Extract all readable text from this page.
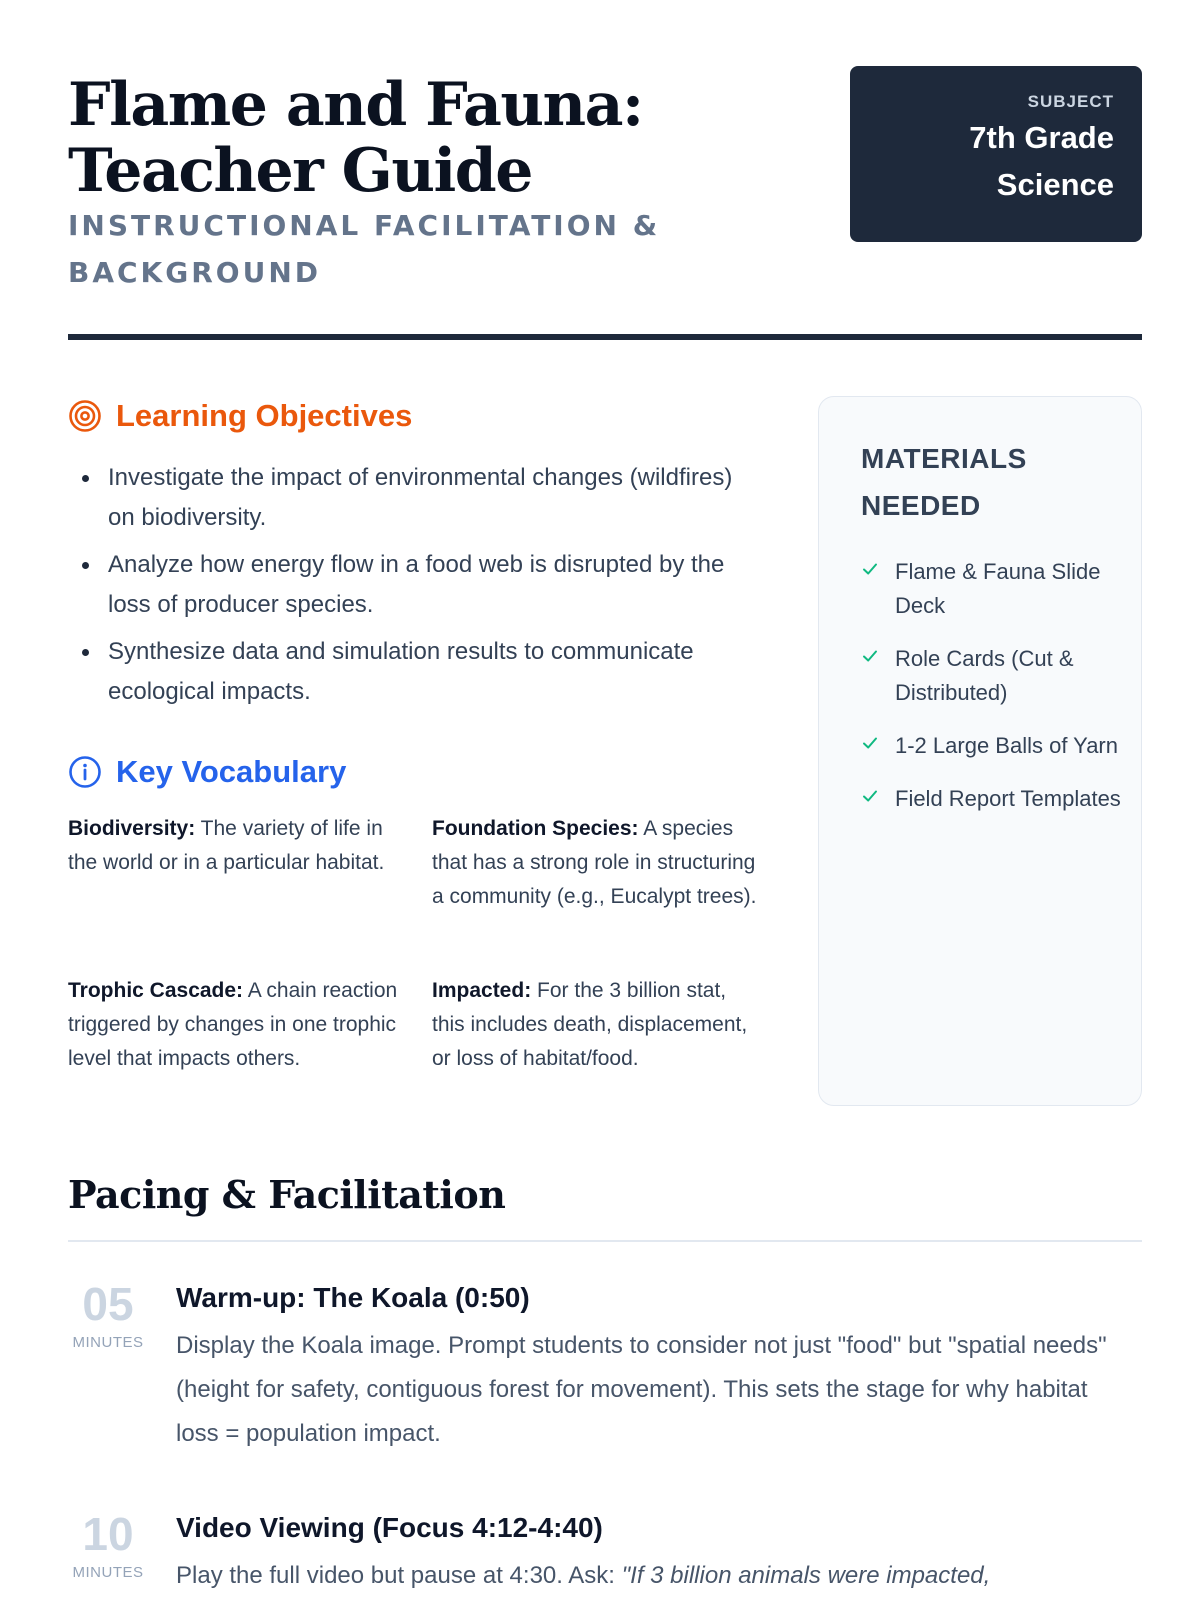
Flame and Fauna: Teacher Guide
INSTRUCTIONAL FACILITATION & BACKGROUND
SUBJECT
7th Grade Science
Learning Objectives
Investigate the impact of environmental changes (wildfires) on biodiversity.
Analyze how energy flow in a food web is disrupted by the loss of producer species.
Synthesize data and simulation results to communicate ecological impacts.
Key Vocabulary
Biodiversity: The variety of life in the world or in a particular habitat.
Foundation Species: A species that has a strong role in structuring a community (e.g., Eucalypt trees).
Trophic Cascade: A chain reaction triggered by changes in one trophic level that impacts others.
Impacted: For the 3 billion stat, this includes death, displacement, or loss of habitat/food.
MATERIALS NEEDED
Flame & Fauna Slide Deck
Role Cards (Cut & Distributed)
1-2 Large Balls of Yarn
Field Report Templates
Pacing & Facilitation
05
MINUTES
Warm-up: The Koala (0:50)
Display the Koala image. Prompt students to consider not just "food" but "spatial needs" (height for safety, contiguous forest for movement). This sets the stage for why habitat loss = population impact.
10
MINUTES
Video Viewing (Focus 4:12-4:40)
Play the full video but pause at 4:30. Ask: "If 3 billion animals were impacted,
